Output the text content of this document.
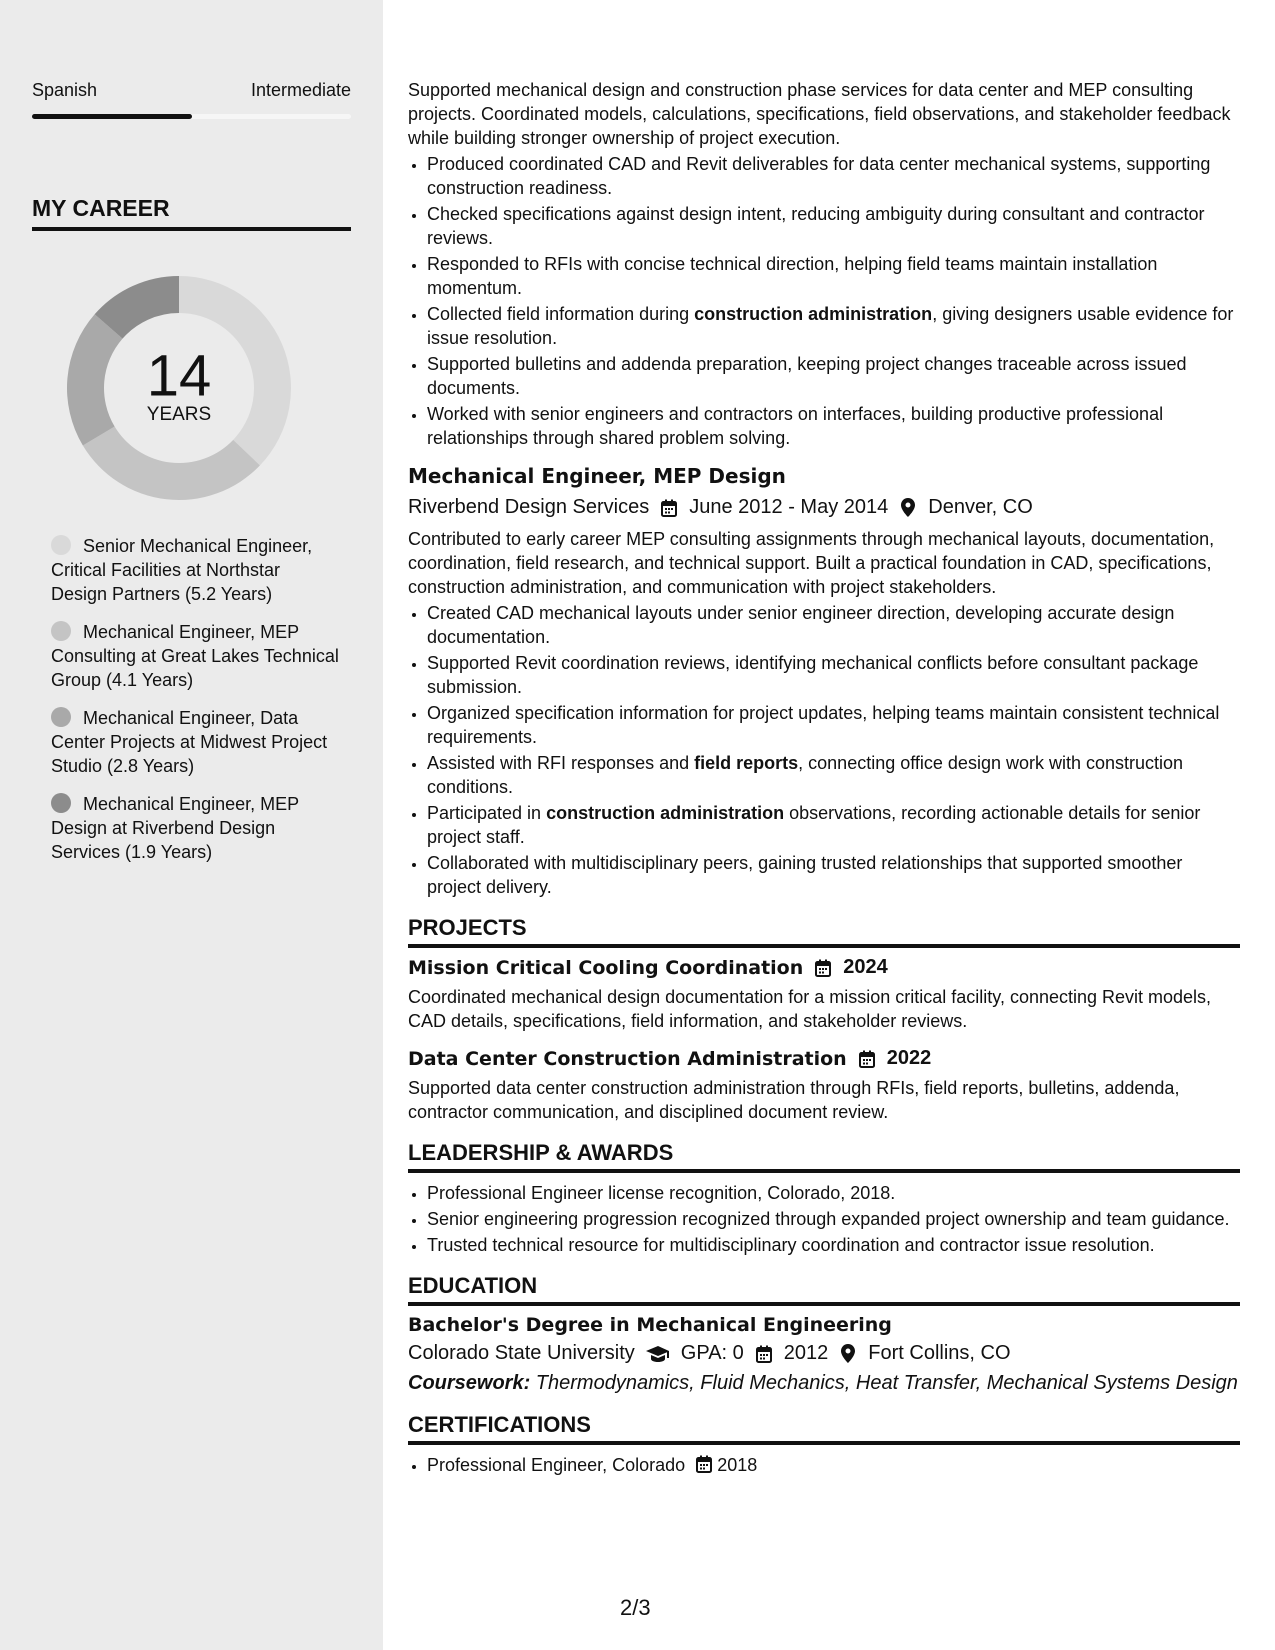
Spanish	Intermediate
MY CAREER
14
YEARS
Senior Mechanical Engineer, Critical Facilities at Northstar Design Partners (5.2 Years)
Mechanical Engineer, MEP Consulting at Great Lakes Technical Group (4.1 Years)
Mechanical Engineer, Data Center Projects at Midwest Project Studio (2.8 Years)
Mechanical Engineer, MEP Design at Riverbend Design Services (1.9 Years)

Supported mechanical design and construction phase services for data center and MEP consulting projects. Coordinated models, calculations, specifications, field observations, and stakeholder feedback while building stronger ownership of project execution.

• Produced coordinated CAD and Revit deliverables for data center mechanical systems, supporting construction readiness.
• Checked specifications against design intent, reducing ambiguity during consultant and contractor reviews.
• Responded to RFIs with concise technical direction, helping field teams maintain installation momentum.
• Collected field information during construction administration, giving designers usable evidence for issue resolution.
• Supported bulletins and addenda preparation, keeping project changes traceable across issued documents.
• Worked with senior engineers and contractors on interfaces, building productive professional relationships through shared problem solving.
Mechanical Engineer, MEP Design
Riverbend Design Services June 2012 - May 2014 Denver, CO

Contributed to early career MEP consulting assignments through mechanical layouts, documentation, coordination, field research, and technical support. Built a practical foundation in CAD, specifications, construction administration, and communication with project stakeholders.

• Created CAD mechanical layouts under senior engineer direction, developing accurate design documentation.
• Supported Revit coordination reviews, identifying mechanical conflicts before consultant package submission.
• Organized specification information for project updates, helping teams maintain consistent technical requirements.
• Assisted with RFI responses and field reports, connecting office design work with construction conditions.
• Participated in construction administration observations, recording actionable details for senior project staff.
• Collaborated with multidisciplinary peers, gaining trusted relationships that supported smoother project delivery.
PROJECTS
Mission Critical Cooling Coordination 2024

Coordinated mechanical design documentation for a mission critical facility, connecting Revit models, CAD details, specifications, field information, and stakeholder reviews.

Data Center Construction Administration 2022

Supported data center construction administration through RFIs, field reports, bulletins, addenda, contractor communication, and disciplined document review.

LEADERSHIP & AWARDS
• Professional Engineer license recognition, Colorado, 2018.
• Senior engineering progression recognized through expanded project ownership and team guidance.
• Trusted technical resource for multidisciplinary coordination and contractor issue resolution.
EDUCATION
Bachelor's Degree in Mechanical Engineering
Colorado State University GPA: 0 2012 Fort Collins, CO
Coursework: Thermodynamics, Fluid Mechanics, Heat Transfer, Mechanical Systems Design
CERTIFICATIONS
• Professional Engineer, Colorado 2018
2/3
